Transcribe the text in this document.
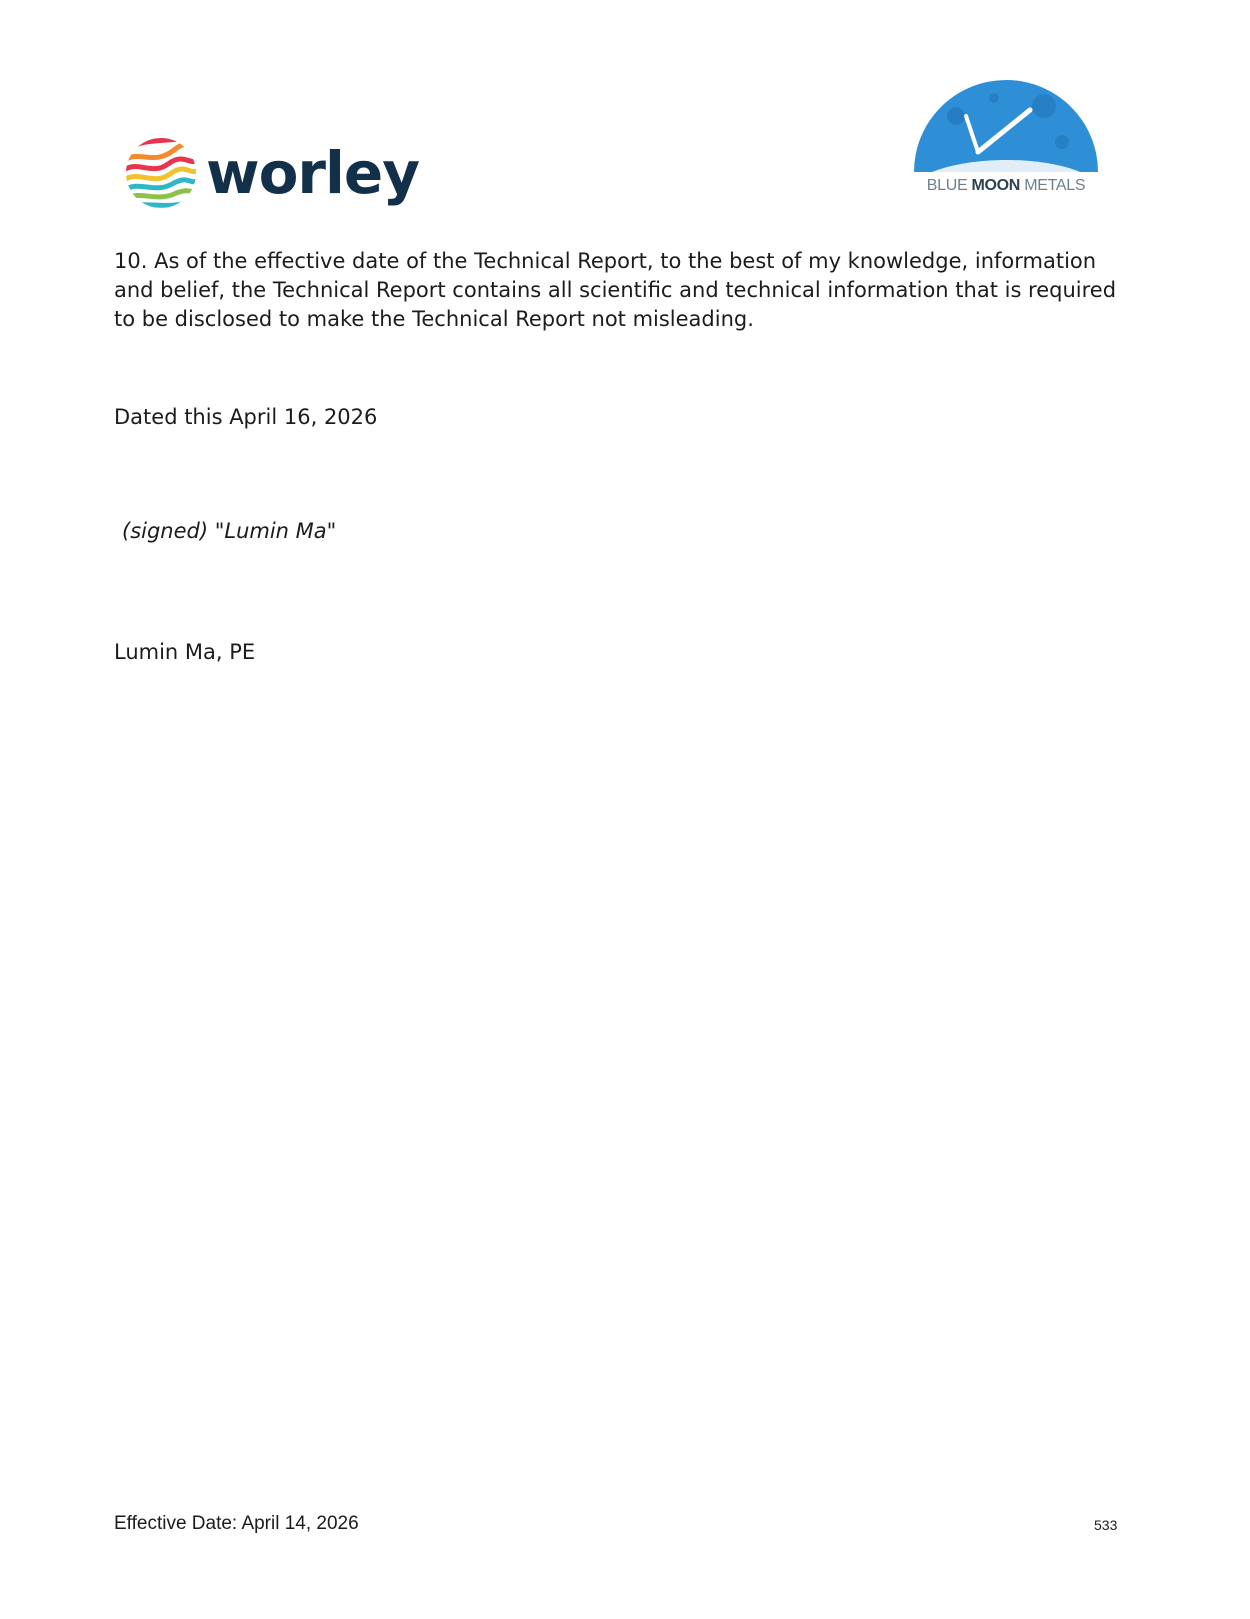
worley	BLUE MOON METALS
10. As of the effective date of the Technical Report, to the best of my knowledge, information and belief, the Technical Report contains all scientific and technical information that is required to be disclosed to make the Technical Report not misleading.
Dated this April 16, 2026
(signed) "Lumin Ma"
Lumin Ma, PE
Effective Date: April 14, 2026	533
